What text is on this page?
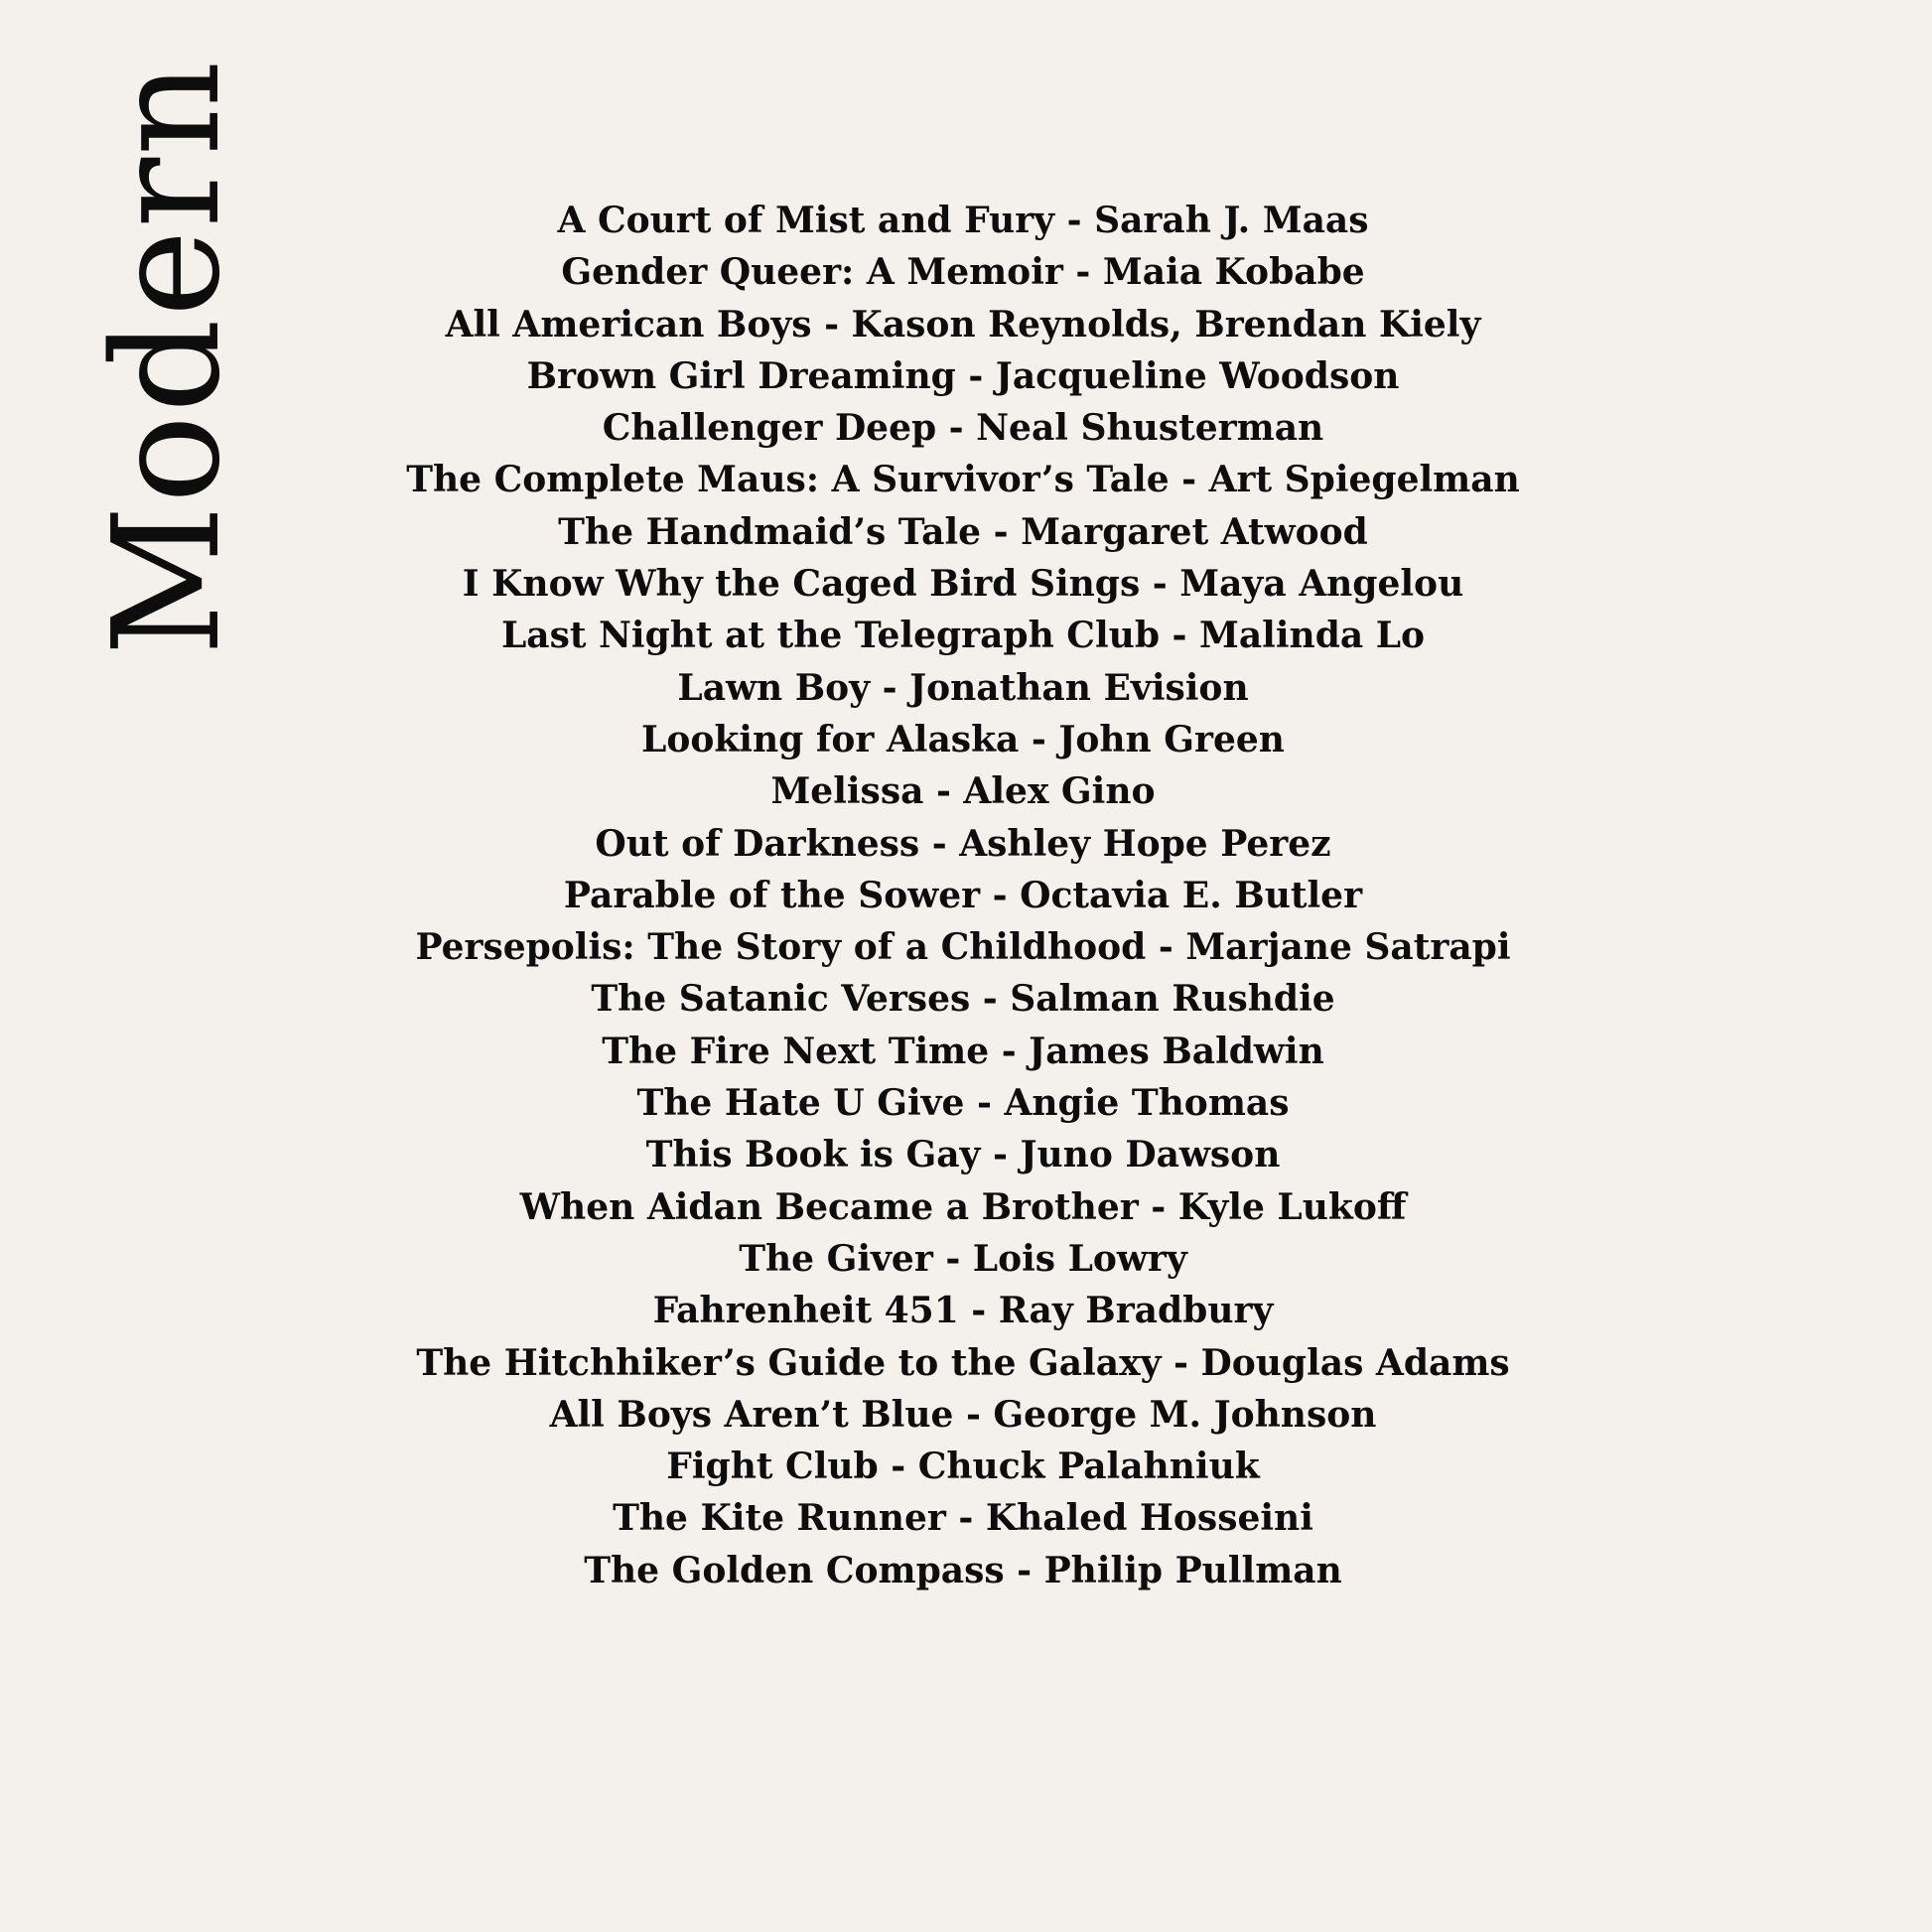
Modern	A Court of Mist and Fury - Sarah J. Maas
Gender Queer: A Memoir - Maia Kobabe
All American Boys - Kason Reynolds, Brendan Kiely
Brown Girl Dreaming - Jacqueline Woodson
Challenger Deep - Neal Shusterman
The Complete Maus: A Survivor’s Tale - Art Spiegelman
The Handmaid’s Tale - Margaret Atwood
I Know Why the Caged Bird Sings - Maya Angelou
Last Night at the Telegraph Club - Malinda Lo
Lawn Boy - Jonathan Evision
Looking for Alaska - John Green
Melissa - Alex Gino
Out of Darkness - Ashley Hope Perez
Parable of the Sower - Octavia E. Butler
Persepolis: The Story of a Childhood - Marjane Satrapi
The Satanic Verses - Salman Rushdie
The Fire Next Time - James Baldwin
The Hate U Give - Angie Thomas
This Book is Gay - Juno Dawson
When Aidan Became a Brother - Kyle Lukoff
The Giver - Lois Lowry
Fahrenheit 451 - Ray Bradbury
The Hitchhiker’s Guide to the Galaxy - Douglas Adams
All Boys Aren’t Blue - George M. Johnson
Fight Club - Chuck Palahniuk
The Kite Runner - Khaled Hosseini
The Golden Compass - Philip Pullman
